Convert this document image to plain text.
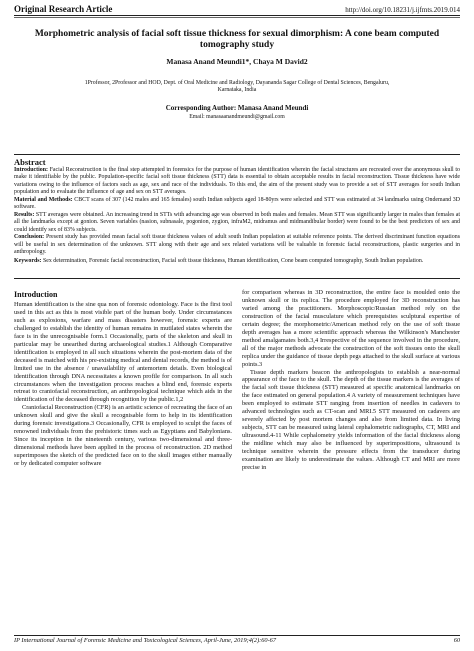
Original Research Article	http://doi.org/10.18231/j.ijfmts.2019.014
Morphometric analysis of facial soft tissue thickness for sexual dimorphism: A cone beam computed tomography study
Manasa Anand Meundi1*, Chaya M David2
1Professor, 2Professor and HOD, Dept. of Oral Medicine and Radiology, Dayananda Sagar College of Dental Sciences, Bengaluru,
Karnataka, India
Corresponding Author: Manasa Anand Meundi
Email: manasaanandmeundi@gmail.com
Abstract

Introduction: Facial Reconstruction is the final step attempted in forensics for the purpose of human identification wherein the facial structures are recreated over the anonymous skull to make it identifiable by the public. Population-specific facial soft tissue thickness (STT) data is essential to obtain acceptable results in facial reconstruction. Tissue thickness have wide variations owing to the influence of factors such as age, sex and race of the individuals. To this end, the aim of the present study was to provide a set of STT averages for south Indian population and to evaluate the influence of age and sex on STT averages.

Material and Methods: CBCT scans of 307 (142 males and 165 females) south Indian subjects aged 18-80yrs were selected and STT was estimated at 34 landmarks using Ondemand 3D software.

Results: STT averages were obtained. An increasing trend in STTs with advancing age was observed in both males and females. Mean STT was significantly larger in males than females at all the landmarks except at gonion. Seven variables (nasion, subnasale, pogonion, zygion, infraM2, midramus and midmandibular border) were found to be the best predictors of sex and could identify sex of 83% subjects.

Conclusion: Present study has provided mean facial soft tissue thickness values of adult south Indian population at suitable reference points. The derived discriminant function equations will be useful in sex determination of the unknown. STT along with their age and sex related variations will be valuable in forensic facial reconstructions, plastic surgeries and in anthropology.

Keywords: Sex determination, Forensic facial reconstruction, Facial soft tissue thickness, Human identification, Cone beam computed tomography, South Indian population.
Introduction

Human identification is the sine qua non of forensic odontology. Face is the first tool used in this act as this is most visible part of the human body. Under circumstances such as explosions, warfare and mass disasters however, forensic experts are challenged to establish the identity of human remains in mutilated states wherein the face is in the unrecognisable form.1 Occasionally, parts of the skeleton and skull in particular may be unearthed during archaeological studies.1 Although Comparative identification is employed in all such situations wherein the post-mortem data of the deceased is matched with his pre-existing medical and dental records, the method is of limited use in the absence / unavailability of antemortem details. Even biological identification through DNA necessitates a known profile for comparison. In all such circumstances when the investigation process reaches a blind end, forensic experts retreat to craniofacial reconstruction, an anthropological technique which aids in the identification of the deceased through recognition by the public.1,2

Craniofacial Reconstruction (CFR) is an artistic science of recreating the face of an unknown skull and give the skull a recognisable form to help in its identification during forensic investigations.3 Occasionally, CFR is employed to sculpt the faces of renowned individuals from the prehistoric times such as Egyptians and Babylonians. Since its inception in the nineteenth century, various two-dimensional and three-dimensional methods have been applied in the process of reconstruction. 2D method superimposes the sketch of the predicted face on to the skull images either manually or by dedicated computer software

for comparison whereas in 3D reconstruction, the entire face is moulded onto the unknown skull or its replica. The procedure employed for 3D reconstruction has varied among the practitioners. Morphoscopic/Russian method rely on the construction of the facial musculature which prerequisites sculptural expertise of certain degree; the morphometric/American method rely on the use of soft tissue depth averages has a more scientific approach whereas the Wilkinson's Manchester method amalgamates both.3,4 Irrespective of the sequence involved in the procedure, all of the major methods advocate the construction of the soft tissues onto the skull replica under the guidance of tissue depth pegs attached to the skull surface at various points.3

Tissue depth markers beacon the anthropologists to establish a near-normal appearance of the face to the skull. The depth of the tissue markers is the averages of the facial soft tissue thickness (STT) measured at specific anatomical landmarks on the face estimated on general population.4 A variety of measurement techniques have been employed to estimate STT ranging from insertion of needles in cadavers to advanced technologies such as CT-scan and MRI.5 STT measured on cadavers are severely affected by post mortem changes and also from limited data. In living subjects, STT can be measured using lateral cephalometric radiographs, CT, MRI and ultrasound.4-11 While cephalometry yields information of the facial thickness along the midline which may also be influenced by superimpositions, ultrasound is technique sensitive wherein the pressure effects from the transducer during examination are likely to underestimate the values. Although CT and MRI are more precise in

IP International Journal of Forensic Medicine and Toxicological Sciences, April-June, 2019;4(2):60-67	60
